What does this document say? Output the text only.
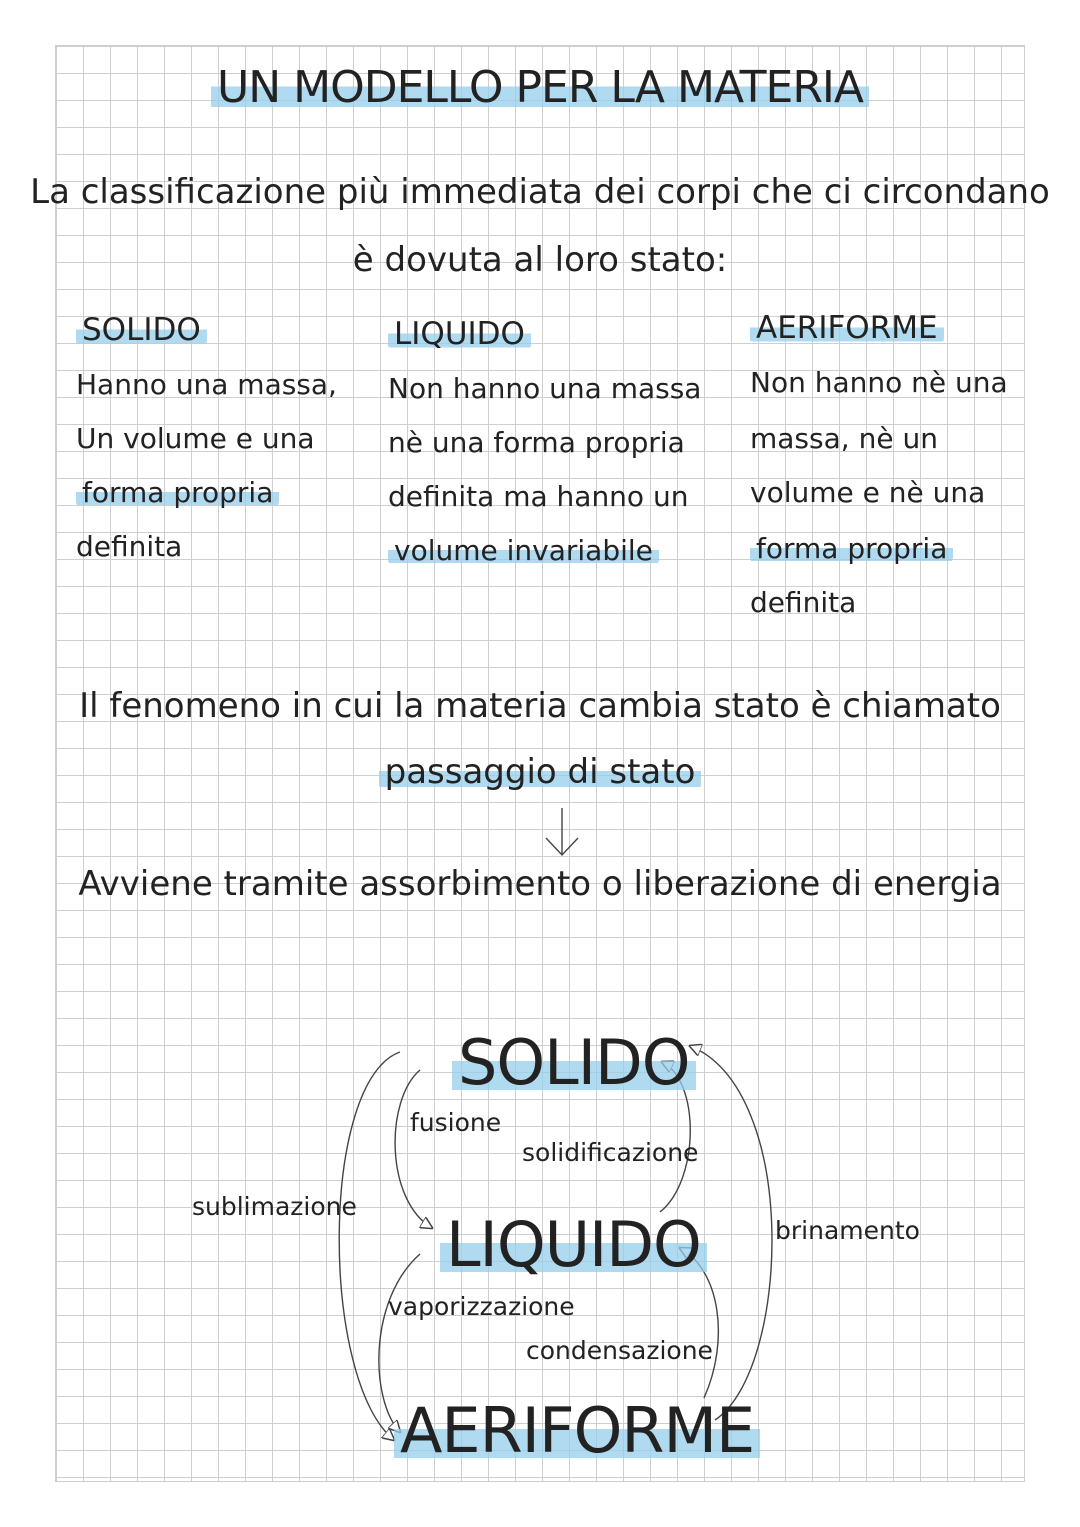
UN MODELLO PER LA MATERIA
La classificazione più immediata dei corpi che ci circondano
è dovuta al loro stato:
SOLIDO
Hanno una massa,
Un volume e una
forma propria
definita
LIQUIDO
Non hanno una massa
nè una forma propria
definita ma hanno un
volume invariabile
AERIFORME
Non hanno nè una
massa, nè un
volume e nè una
forma propria
definita
Il fenomeno in cui la materia cambia stato è chiamato
passaggio di stato
Avviene tramite assorbimento o liberazione di energia
SOLIDO
LIQUIDO
AERIFORME
fusione
solidificazione
sublimazione
brinamento
vaporizzazione
condensazione
